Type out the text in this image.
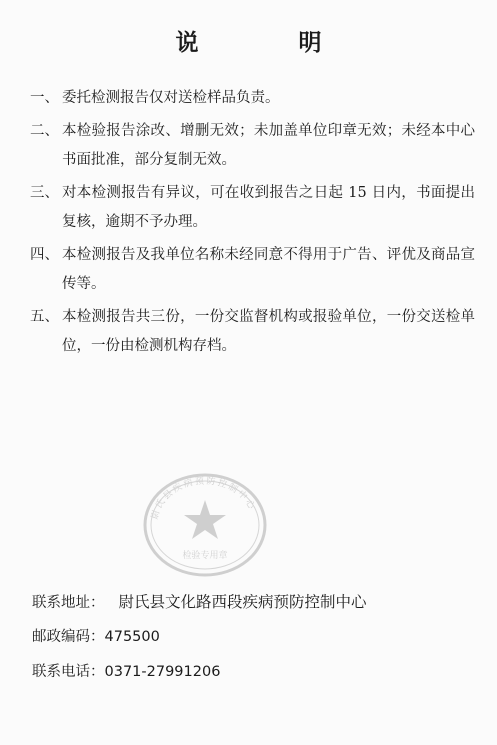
说 明
一、 委托检测报告仅对送检样品负责。
二、 本检验报告涂改、增删无效；未加盖单位印章无效；未经本中心书面批准，部分复制无效。
三、 对本检测报告有异议，可在收到报告之日起 15 日内，书面提出复核，逾期不予办理。
四、 本检测报告及我单位名称未经同意不得用于广告、评优及商品宣传等。
五、 本检测报告共三份，一份交监督机构或报验单位，一份交送检单位，一份由检测机构存档。
尉氏县疾病预防控制中心
检验专用章
联系地址： 尉氏县文化路西段疾病预防控制中心
邮政编码：475500
联系电话：0371-27991206
